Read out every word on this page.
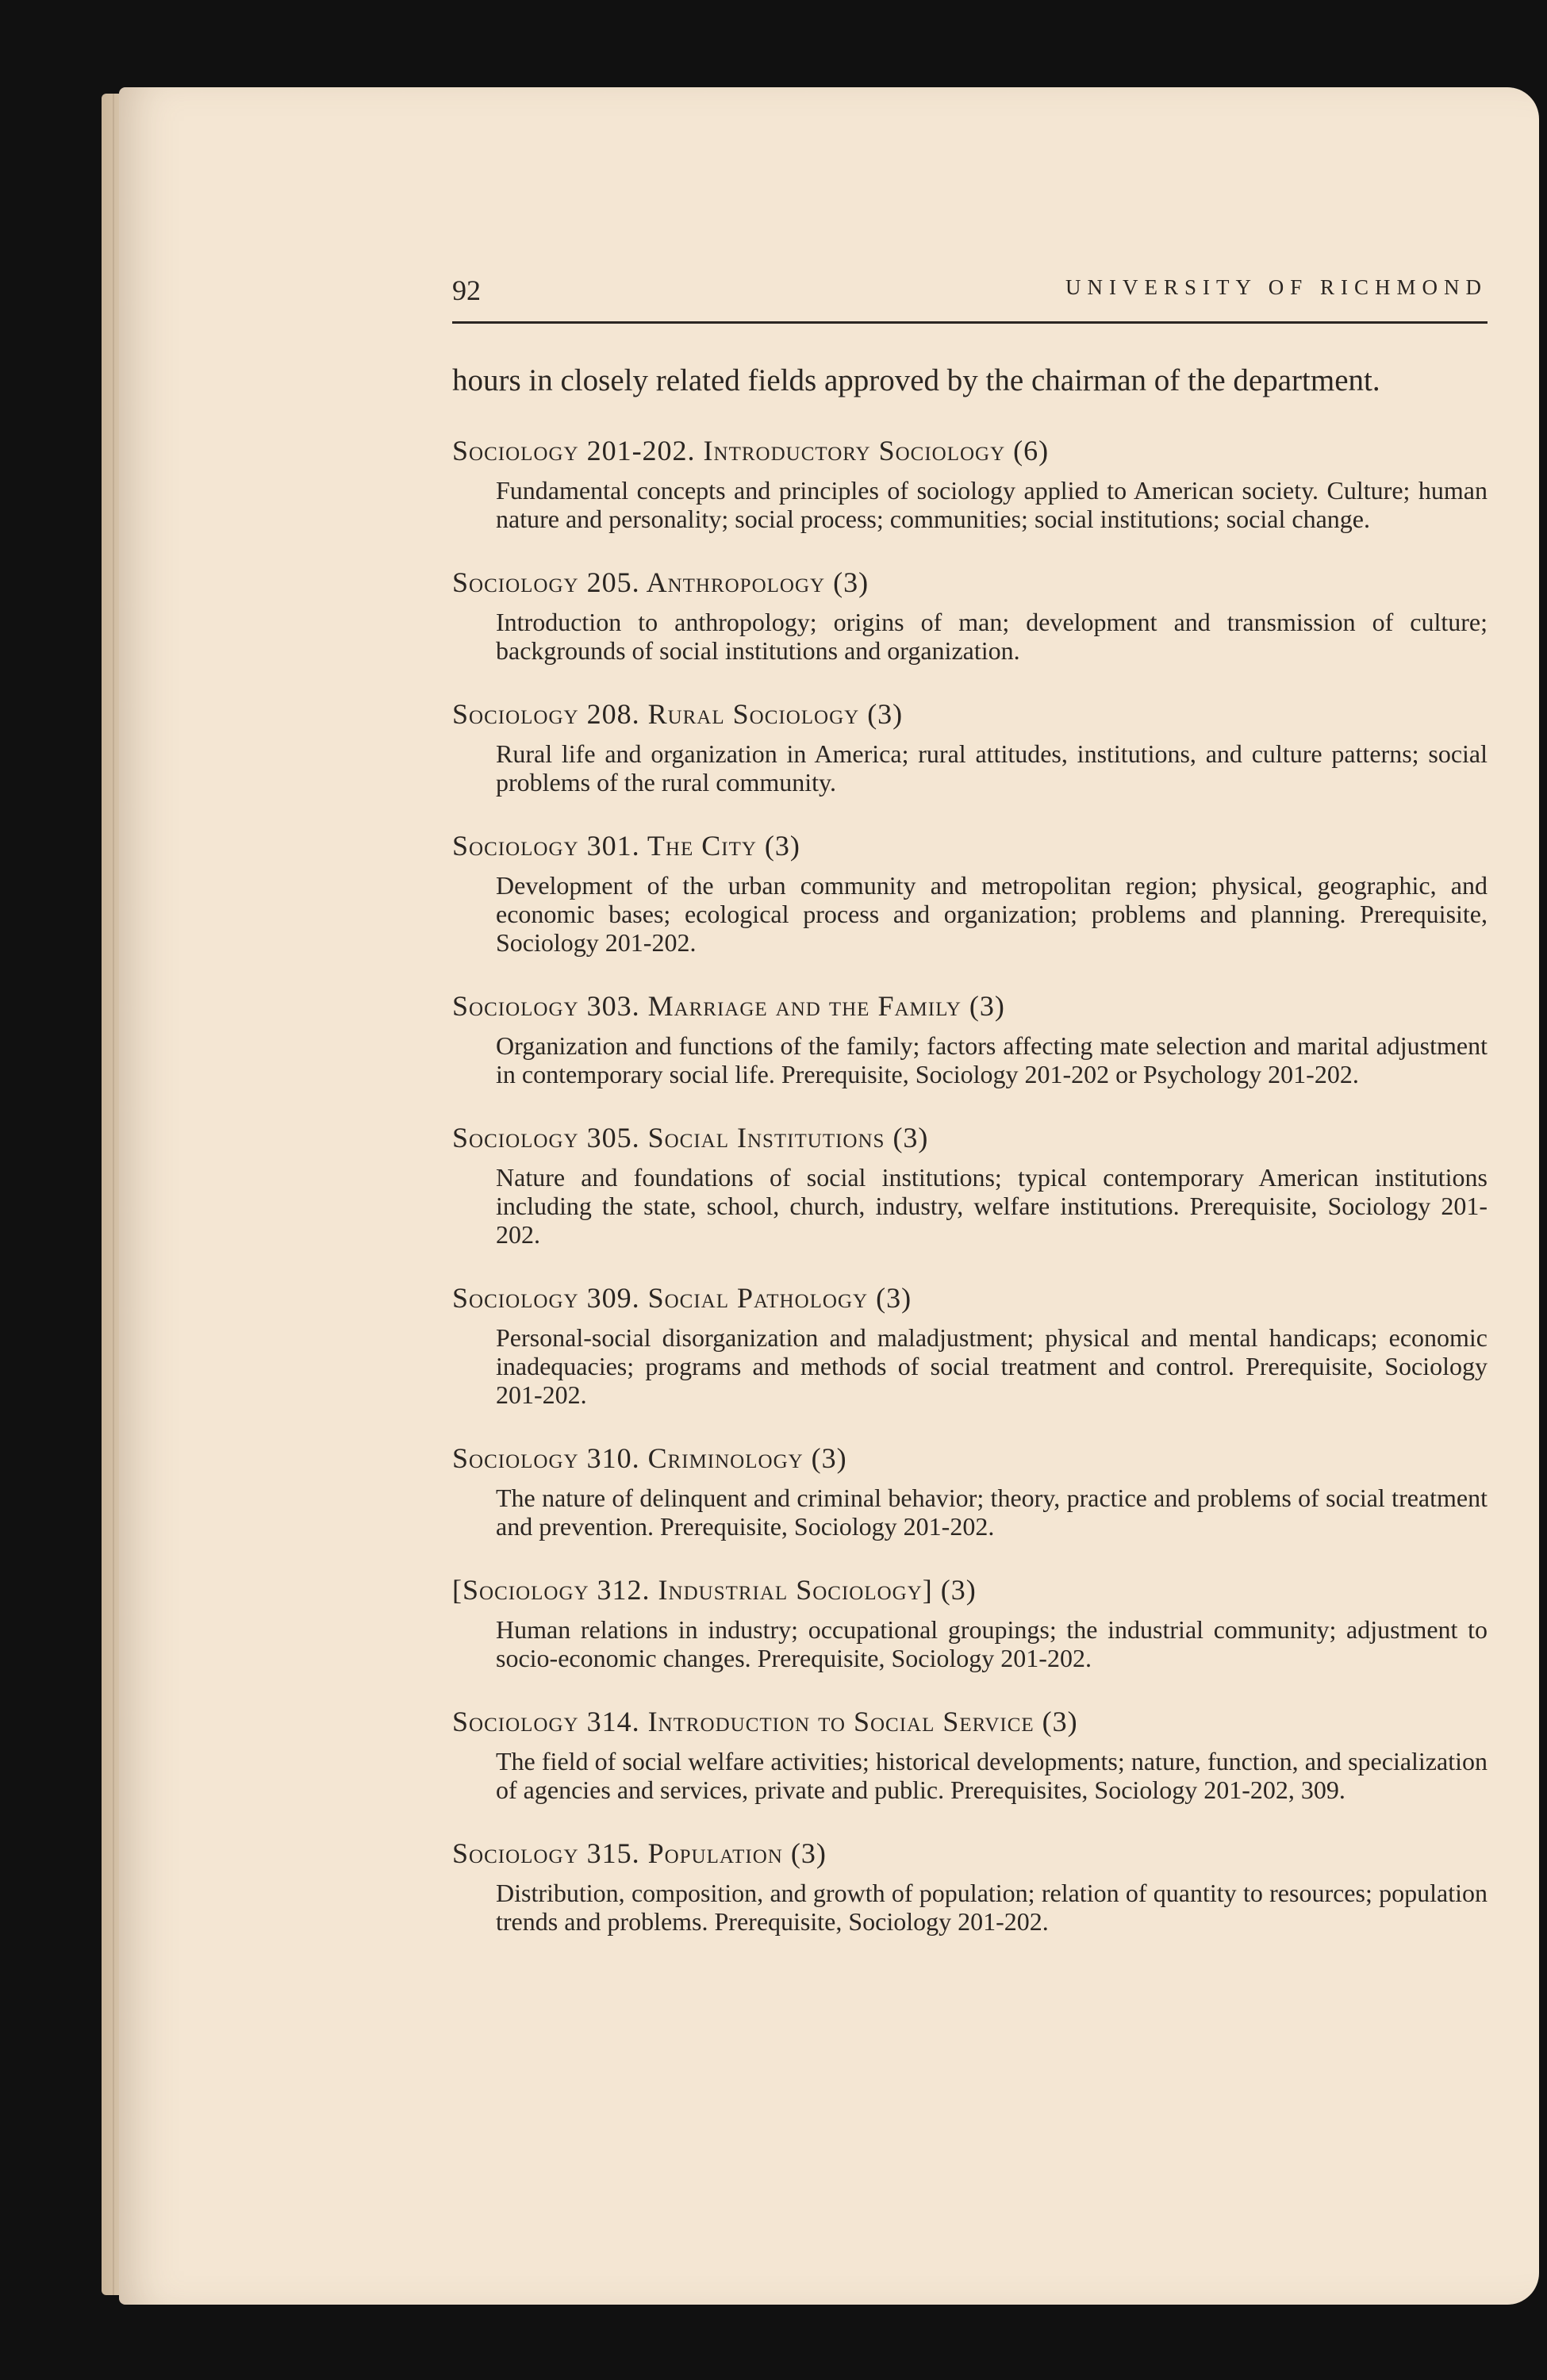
92	UNIVERSITY OF RICHMOND
hours in closely related fields approved by the chairman of the department.
Sociology 201-202. Introductory Sociology (6)
Fundamental concepts and principles of sociology applied to American society. Culture; human nature and personality; social process; communities; social institutions; social change.
Sociology 205. Anthropology (3)
Introduction to anthropology; origins of man; development and transmission of culture; backgrounds of social institutions and organization.
Sociology 208. Rural Sociology (3)
Rural life and organization in America; rural attitudes, institutions, and culture patterns; social problems of the rural community.
Sociology 301. The City (3)
Development of the urban community and metropolitan region; physical, geographic, and economic bases; ecological process and organization; problems and planning. Prerequisite, Sociology 201-202.
Sociology 303. Marriage and the Family (3)
Organization and functions of the family; factors affecting mate selection and marital adjustment in contemporary social life. Prerequisite, Sociology 201-202 or Psychology 201-202.
Sociology 305. Social Institutions (3)
Nature and foundations of social institutions; typical contemporary American institutions including the state, school, church, industry, welfare institutions. Prerequisite, Sociology 201-202.
Sociology 309. Social Pathology (3)
Personal-social disorganization and maladjustment; physical and mental handicaps; economic inadequacies; programs and methods of social treatment and control. Prerequisite, Sociology 201-202.
Sociology 310. Criminology (3)
The nature of delinquent and criminal behavior; theory, practice and problems of social treatment and prevention. Prerequisite, Sociology 201-202.
[Sociology 312. Industrial Sociology] (3)
Human relations in industry; occupational groupings; the industrial community; adjustment to socio-economic changes. Prerequisite, Sociology 201-202.
Sociology 314. Introduction to Social Service (3)
The field of social welfare activities; historical developments; nature, function, and specialization of agencies and services, private and public. Prerequisites, Sociology 201-202, 309.
Sociology 315. Population (3)
Distribution, composition, and growth of population; relation of quantity to resources; population trends and problems. Prerequisite, Sociology 201-202.
